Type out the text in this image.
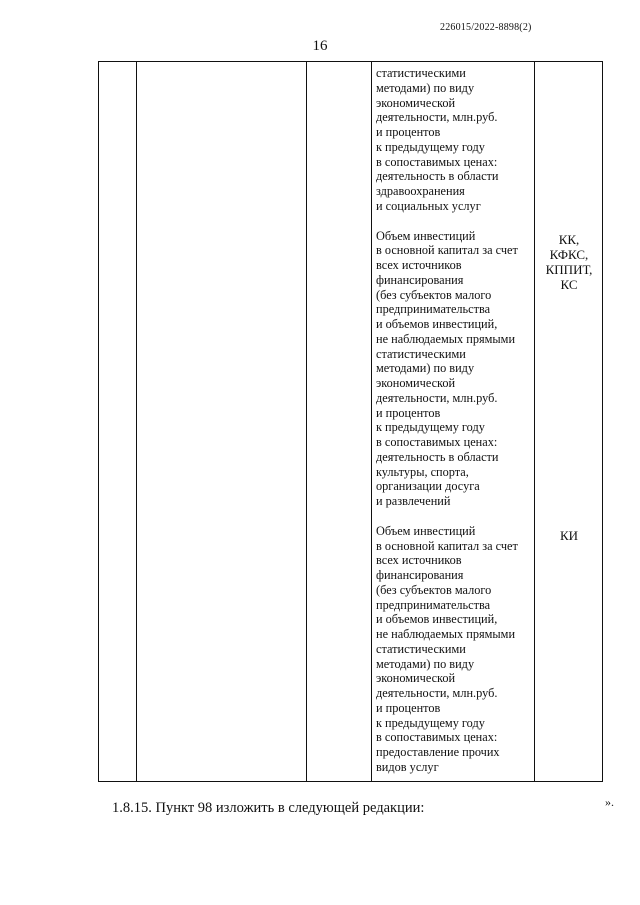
226015/2022-8898(2)
16
статистическими
методами) по виду
экономической
деятельности, млн.руб.
и процентов
к предыдущему году
в сопоставимых ценах:
деятельность в области
здравоохранения
и социальных услуг
Объем инвестиций
в основной капитал за счет
всех источников
финансирования
(без субъектов малого
предпринимательства
и объемов инвестиций,
не наблюдаемых прямыми
статистическими
методами) по виду
экономической
деятельности, млн.руб.
и процентов
к предыдущему году
в сопоставимых ценах:
деятельность в области
культуры, спорта,
организации досуга
и развлечений
Объем инвестиций
в основной капитал за счет
всех источников
финансирования
(без субъектов малого
предпринимательства
и объемов инвестиций,
не наблюдаемых прямыми
статистическими
методами) по виду
экономической
деятельности, млн.руб.
и процентов
к предыдущему году
в сопоставимых ценах:
предоставление прочих
видов услуг
КК,
КФКС,
КППИТ,
КС
КИ
».
1.8.15. Пункт 98 изложить в следующей редакции:
